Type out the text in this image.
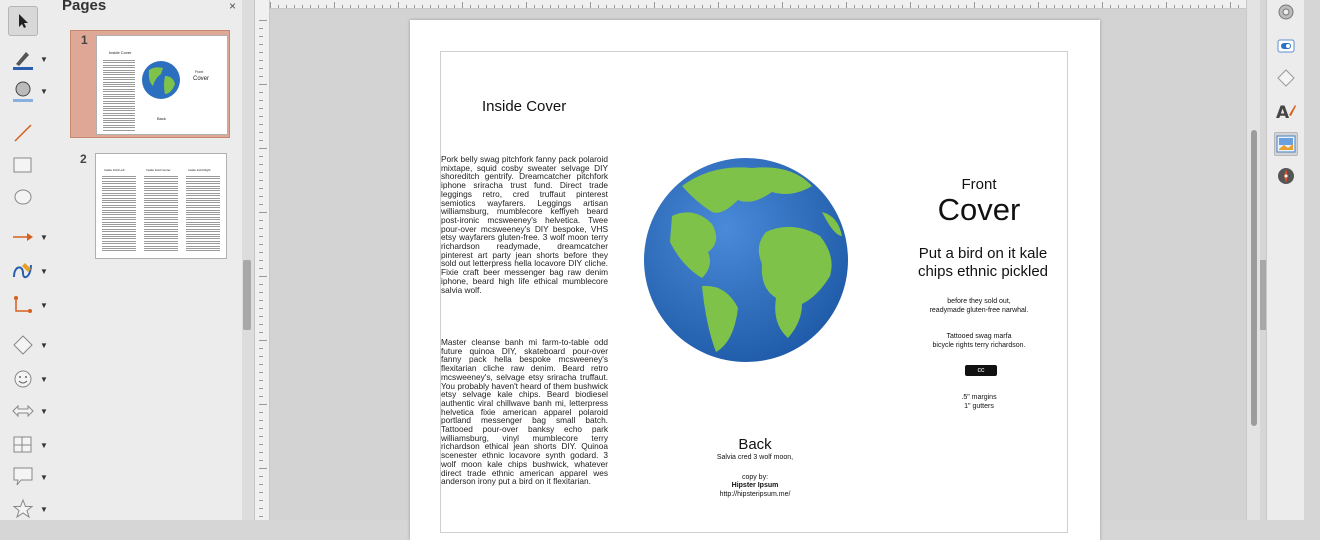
▼
▼
▼
▼
▼
▼
▼
▼
▼
▼
▼
Pages	×
1
Inside Cover
Front
Cover
Back
2
Inside Fold Left	Inside Fold Center	Inside Fold Right
Inside Cover
Pork belly swag pitchfork fanny pack polaroid mixtape, squid cosby sweater selvage DIY shoreditch gentrify. Dreamcatcher pitchfork iphone sriracha trust fund. Direct trade leggings retro, cred truffaut pinterest semiotics wayfarers. Leggings artisan williamsburg, mumblecore keffiyeh beard post-ironic mcsweeney's helvetica. Twee pour-over mcsweeney's DIY bespoke, VHS etsy wayfarers gluten-free. 3 wolf moon terry richardson readymade, dreamcatcher pinterest art party jean shorts before they sold out letterpress hella locavore DIY cliche. Fixie craft beer messenger bag raw denim iphone, beard high life ethical mumblecore salvia wolf.
Master cleanse banh mi farm-to-table odd future quinoa DIY, skateboard pour-over fanny pack hella bespoke mcsweeney's flexitarian cliche raw denim. Beard retro mcsweeney's, selvage etsy sriracha truffaut. You probably haven't heard of them bushwick etsy selvage kale chips. Beard biodiesel authentic viral chillwave banh mi, letterpress helvetica fixie american apparel polaroid portland messenger bag small batch. Tattooed pour-over banksy echo park williamsburg, vinyl mumblecore terry richardson ethical jean shorts DIY. Quinoa scenester ethnic locavore synth godard. 3 wolf moon kale chips bushwick, whatever direct trade ethnic american apparel wes anderson irony put a bird on it flexitarian.
Front
Cover
Put a bird on it kale chips ethnic pickled
before they sold out,
readymade gluten-free narwhal.
Tattooed swag marfa
bicycle rights terry richardson.
cc
.5" margins
1" gutters
Back
Salvia cred 3 wolf moon,
copy by:
Hipster Ipsum
http://hipsteripsum.me/
A
